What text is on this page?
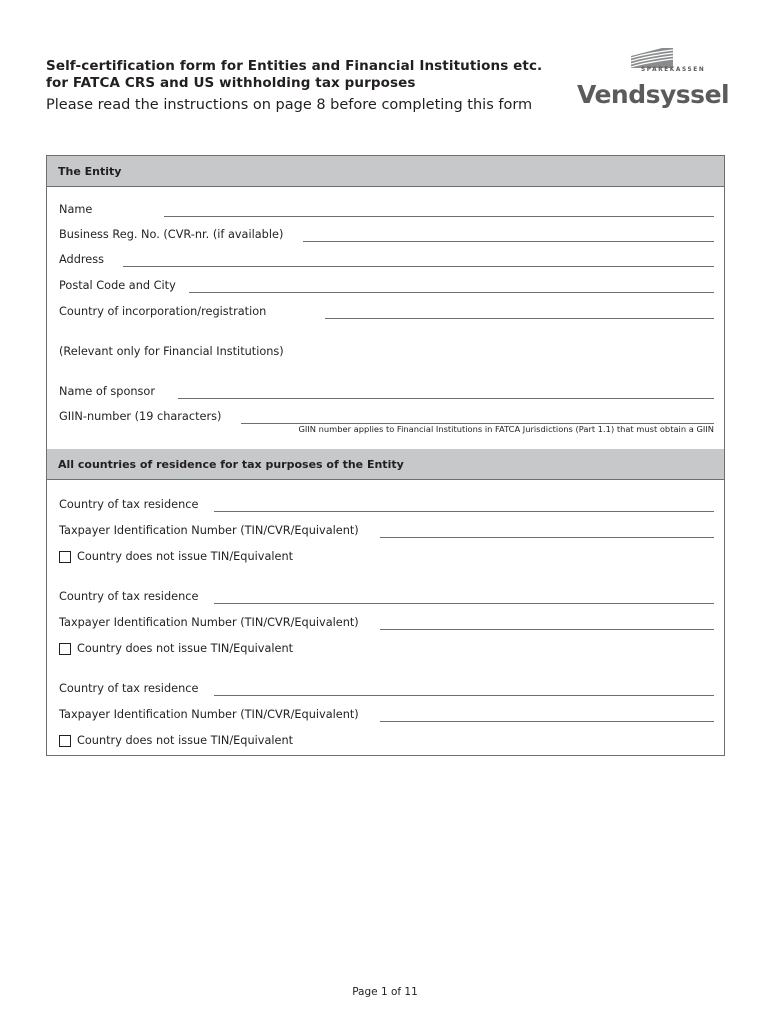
Self-certification form for Entities and Financial Institutions etc.
for FATCA CRS and US withholding tax purposes
Please read the instructions on page 8 before completing this form
SPAREKASSEN
Vendsyssel
The Entity
Name
Business Reg. No. (CVR-nr. (if available)
Address
Postal Code and City
Country of incorporation/registration
(Relevant only for Financial Institutions)
Name of sponsor
GIIN-number (19 characters)
GIIN number applies to Financial Institutions in FATCA Jurisdictions (Part 1.1) that must obtain a GIIN
All countries of residence for tax purposes of the Entity
Country of tax residence
Taxpayer Identification Number (TIN/CVR/Equivalent)
Country does not issue TIN/Equivalent
Country of tax residence
Taxpayer Identification Number (TIN/CVR/Equivalent)
Country does not issue TIN/Equivalent
Country of tax residence
Taxpayer Identification Number (TIN/CVR/Equivalent)
Country does not issue TIN/Equivalent
Page 1 of 11
